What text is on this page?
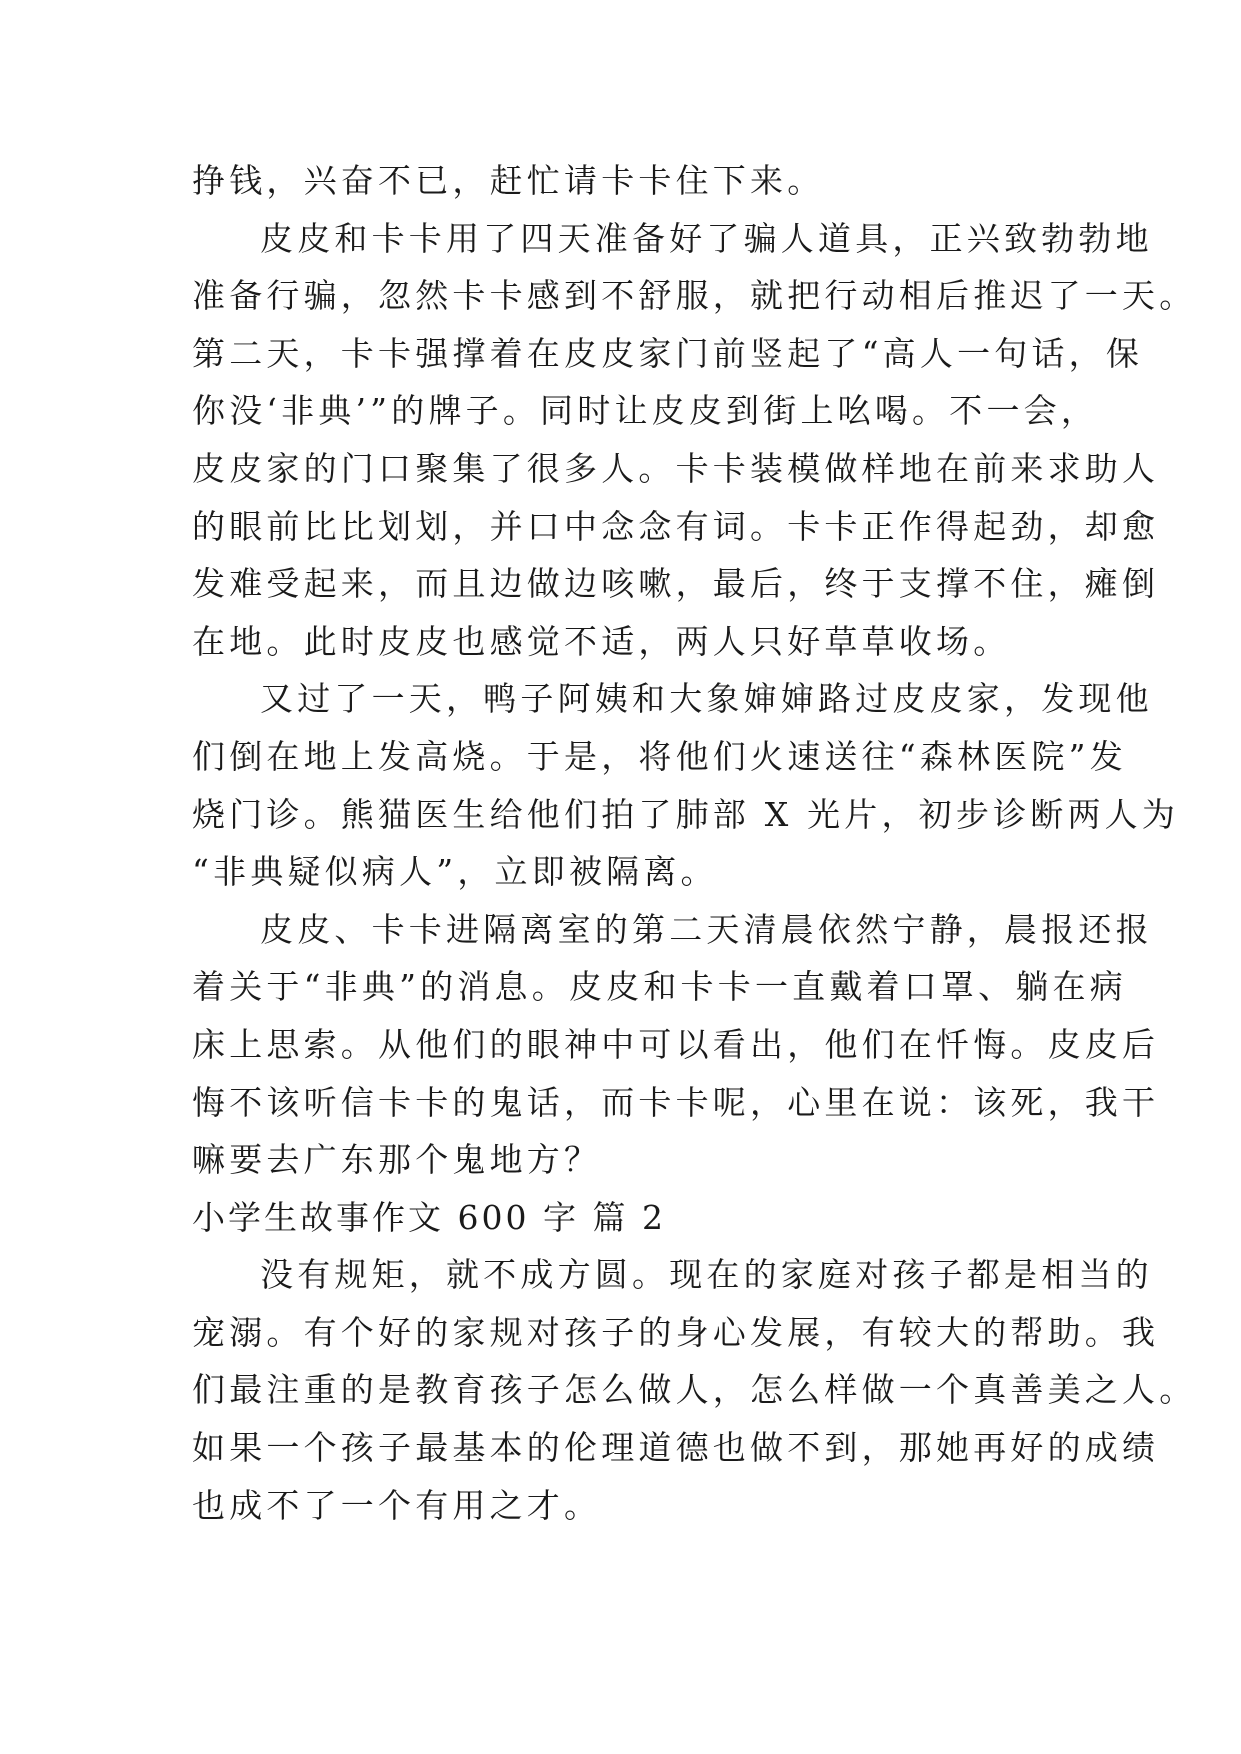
挣钱，兴奋不已，赶忙请卡卡住下来。

皮皮和卡卡用了四天准备好了骗人道具，正兴致勃勃地

准备行骗，忽然卡卡感到不舒服，就把行动相后推迟了一天。

第二天，卡卡强撑着在皮皮家门前竖起了“高人一句话，保

你没‘非典’”的牌子。同时让皮皮到街上吆喝。不一会，

皮皮家的门口聚集了很多人。卡卡装模做样地在前来求助人

的眼前比比划划，并口中念念有词。卡卡正作得起劲，却愈

发难受起来，而且边做边咳嗽，最后，终于支撑不住，瘫倒

在地。此时皮皮也感觉不适，两人只好草草收场。

又过了一天，鸭子阿姨和大象婶婶路过皮皮家，发现他

们倒在地上发高烧。于是，将他们火速送往“森林医院”发

烧门诊。熊猫医生给他们拍了肺部 X 光片，初步诊断两人为

“非典疑似病人”，立即被隔离。

皮皮、卡卡进隔离室的第二天清晨依然宁静，晨报还报

着关于“非典”的消息。皮皮和卡卡一直戴着口罩、躺在病

床上思索。从他们的眼神中可以看出，他们在忏悔。皮皮后

悔不该听信卡卡的鬼话，而卡卡呢，心里在说：该死，我干

嘛要去广东那个鬼地方？

小学生故事作文 600 字 篇 2

没有规矩，就不成方圆。现在的家庭对孩子都是相当的

宠溺。有个好的家规对孩子的身心发展，有较大的帮助。我

们最注重的是教育孩子怎么做人，怎么样做一个真善美之人。

如果一个孩子最基本的伦理道德也做不到，那她再好的成绩

也成不了一个有用之才。
